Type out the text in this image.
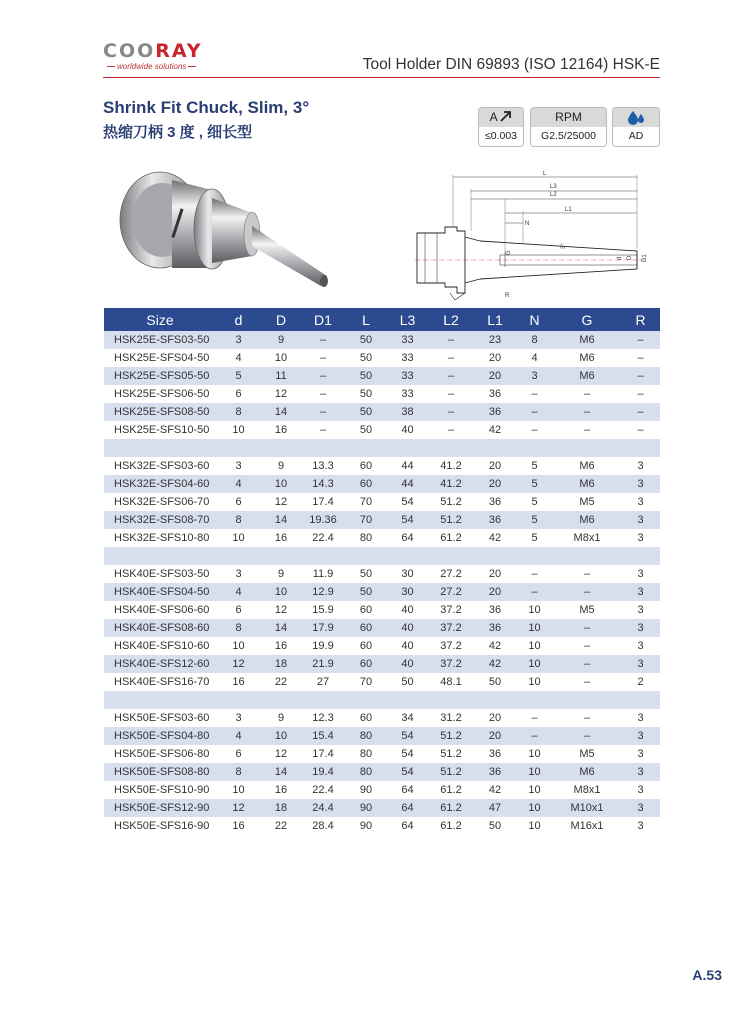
COORAY
worldwide solutions	Tool Holder DIN 69893 (ISO 12164) HSK-E
Shrink Fit Chuck, Slim, 3°
热缩刀柄 3 度 , 细长型
A
≤0.003
RPM
G2.5/25000	AD
L
L3
L2
L1
N
G
3°
d D D1
R
Size	d	D	D1	L	L3	L2	L1	N	G	R
HSK25E-SFS03-50	3	9	–	50	33	–	23	8	M6	–
HSK25E-SFS04-50	4	10	–	50	33	–	20	4	M6	–
HSK25E-SFS05-50	5	11	–	50	33	–	20	3	M6	–
HSK25E-SFS06-50	6	12	–	50	33	–	36	–	–	–
HSK25E-SFS08-50	8	14	–	50	38	–	36	–	–	–
HSK25E-SFS10-50	10	16	–	50	40	–	42	–	–	–

HSK32E-SFS03-60	3	9	13.3	60	44	41.2	20	5	M6	3
HSK32E-SFS04-60	4	10	14.3	60	44	41.2	20	5	M6	3
HSK32E-SFS06-70	6	12	17.4	70	54	51.2	36	5	M5	3
HSK32E-SFS08-70	8	14	19.36	70	54	51.2	36	5	M6	3
HSK32E-SFS10-80	10	16	22.4	80	64	61.2	42	5	M8x1	3

HSK40E-SFS03-50	3	9	11.9	50	30	27.2	20	–	–	3
HSK40E-SFS04-50	4	10	12.9	50	30	27.2	20	–	–	3
HSK40E-SFS06-60	6	12	15.9	60	40	37.2	36	10	M5	3
HSK40E-SFS08-60	8	14	17.9	60	40	37.2	36	10	–	3
HSK40E-SFS10-60	10	16	19.9	60	40	37.2	42	10	–	3
HSK40E-SFS12-60	12	18	21.9	60	40	37.2	42	10	–	3
HSK40E-SFS16-70	16	22	27	70	50	48.1	50	10	–	2

HSK50E-SFS03-60	3	9	12.3	60	34	31.2	20	–	–	3
HSK50E-SFS04-80	4	10	15.4	80	54	51.2	20	–	–	3
HSK50E-SFS06-80	6	12	17.4	80	54	51.2	36	10	M5	3
HSK50E-SFS08-80	8	14	19.4	80	54	51.2	36	10	M6	3
HSK50E-SFS10-90	10	16	22.4	90	64	61.2	42	10	M8x1	3
HSK50E-SFS12-90	12	18	24.4	90	64	61.2	47	10	M10x1	3
HSK50E-SFS16-90	16	22	28.4	90	64	61.2	50	10	M16x1	3
A.53
